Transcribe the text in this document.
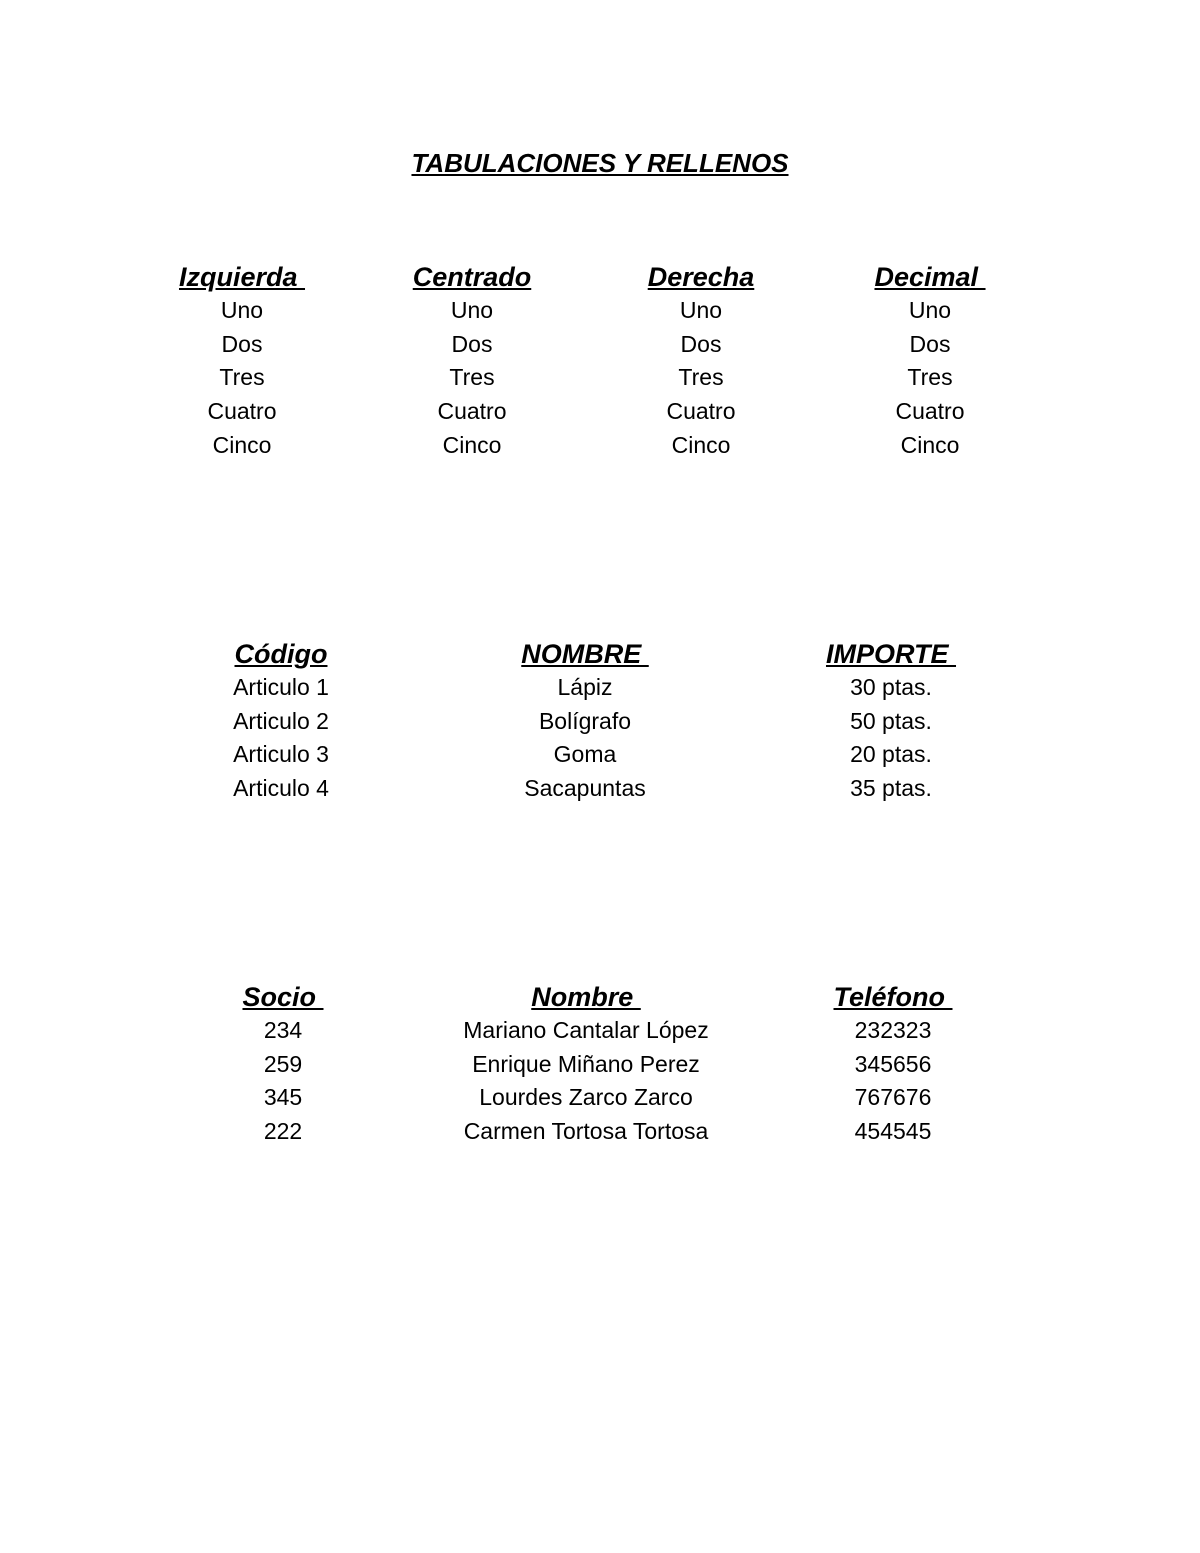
TABULACIONES Y RELLENOS
Izquierda
Uno
Dos
Tres
Cuatro
Cinco
Centrado
Uno
Dos
Tres
Cuatro
Cinco
Derecha
Uno
Dos
Tres
Cuatro
Cinco
Decimal
Uno
Dos
Tres
Cuatro
Cinco
Código
Articulo 1
Articulo 2
Articulo 3
Articulo 4
NOMBRE
Lápiz
Bolígrafo
Goma
Sacapuntas
IMPORTE
30 ptas.
50 ptas.
20 ptas.
35 ptas.
Socio
234
259
345
222
Nombre
Mariano Cantalar López
Enrique Miñano Perez
Lourdes Zarco Zarco
Carmen Tortosa Tortosa
Teléfono
232323
345656
767676
454545
